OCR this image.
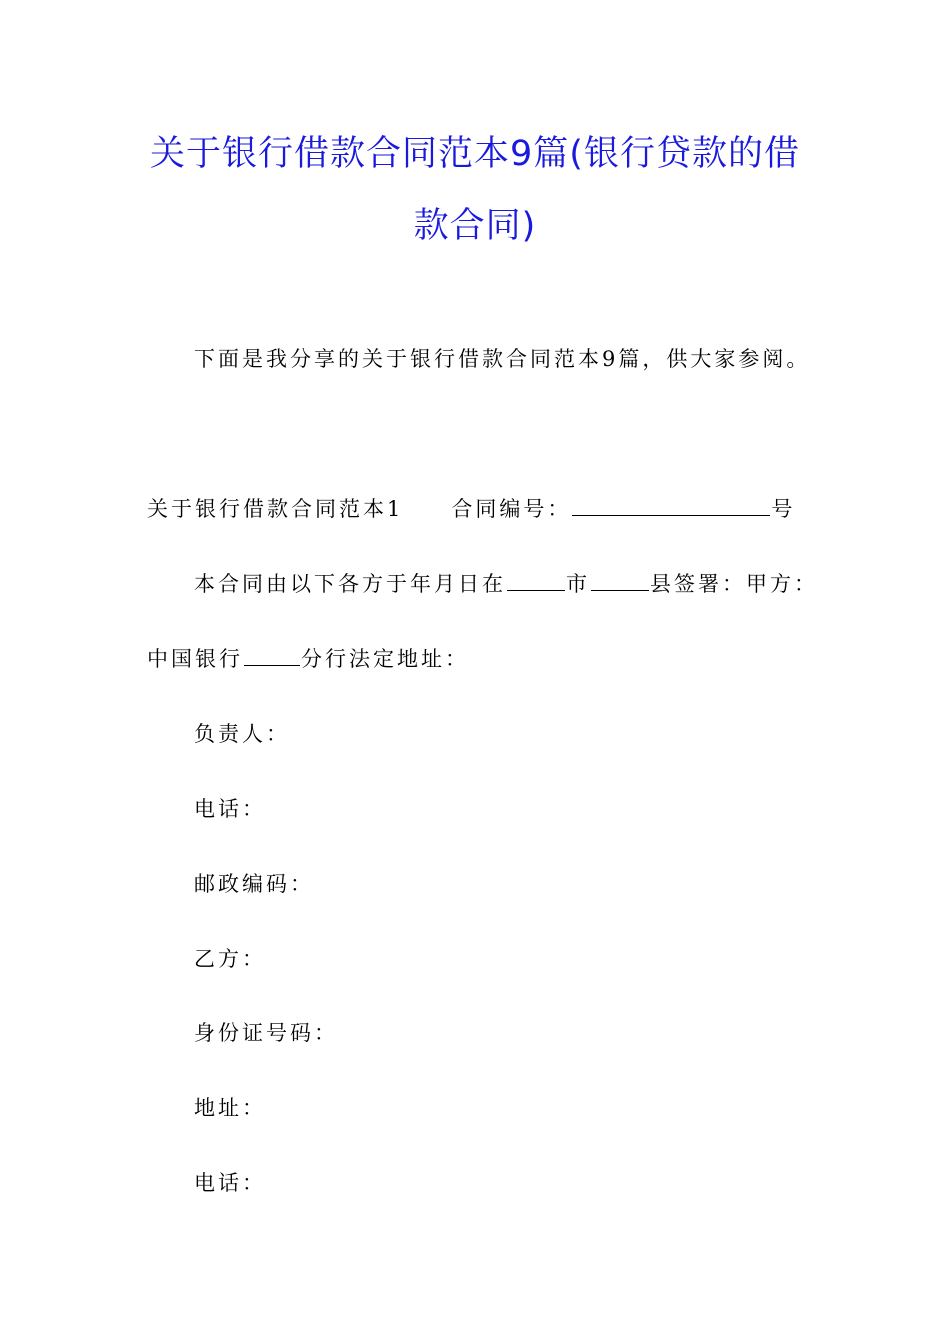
关于银行借款合同范本9篇(银行贷款的借
款合同)
下面是我分享的关于银行借款合同范本9篇，供大家参阅。
关于银行借款合同范本1 合同编号：	号
本合同由以下各方于年月日在	市	县签署：甲方：
中国银行	分行法定地址：
负责人：
电话：
邮政编码：
乙方：
身份证号码：
地址：
电话：
